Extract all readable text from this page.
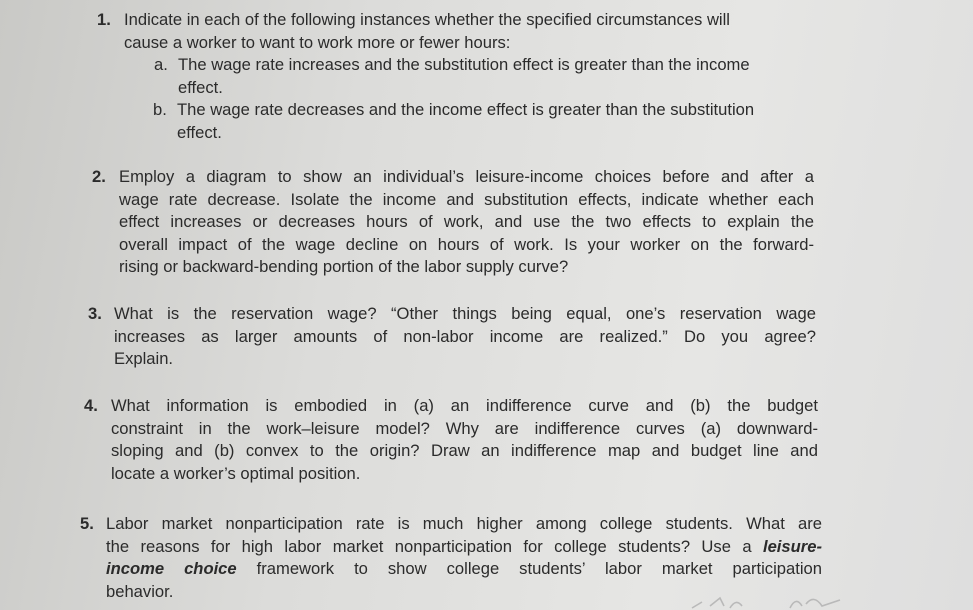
1. Indicate in each of the following instances whether the specified circumstances will
cause a worker to want to work more or fewer hours:
a. The wage rate increases and the substitution effect is greater than the income
effect.
b. The wage rate decreases and the income effect is greater than the substitution
effect.
2. Employ a diagram to show an individual’s leisure-income choices before and after a
wage rate decrease. Isolate the income and substitution effects, indicate whether each
effect increases or decreases hours of work, and use the two effects to explain the
overall impact of the wage decline on hours of work. Is your worker on the forward-
rising or backward-bending portion of the labor supply curve?
3. What is the reservation wage? “Other things being equal, one’s reservation wage
increases as larger amounts of non-labor income are realized.” Do you agree?
Explain.
4. What information is embodied in (a) an indifference curve and (b) the budget
constraint in the work–leisure model? Why are indifference curves (a) downward-
sloping and (b) convex to the origin? Draw an indifference map and budget line and
locate a worker’s optimal position.
5. Labor market nonparticipation rate is much higher among college students. What are
the reasons for high labor market nonparticipation for college students? Use a leisure-
income choice framework to show college students’ labor market participation
behavior.
